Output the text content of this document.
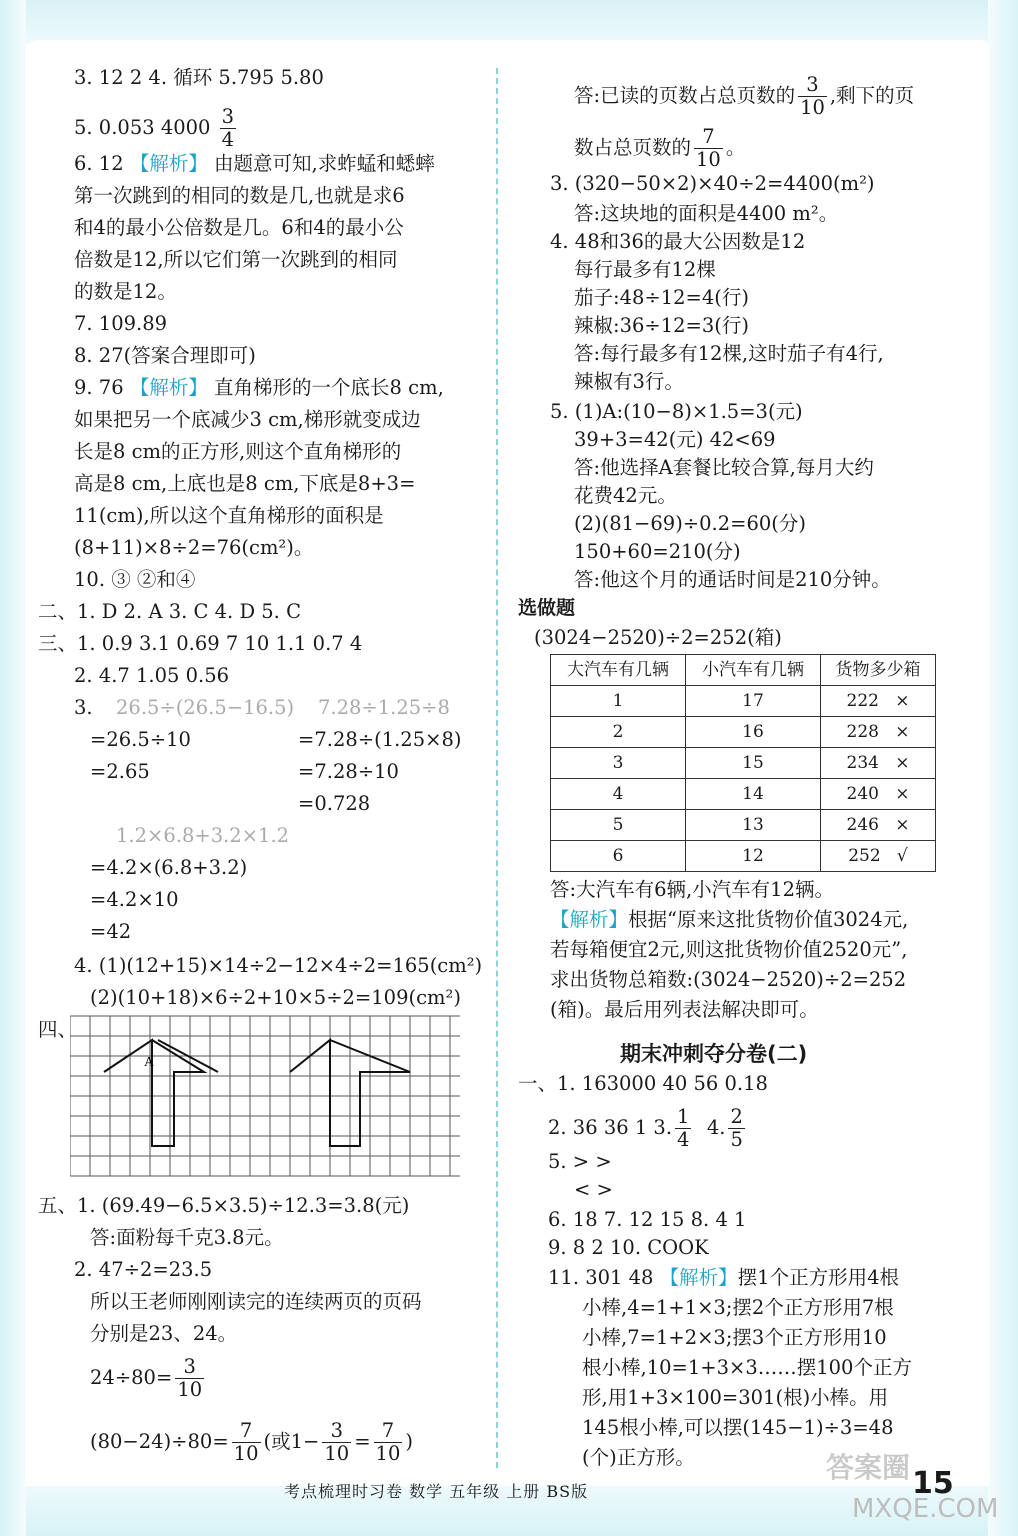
3. 12 2 4. 循环 5.795 5.80
5. 0.053 $4000 \frac{3}{4}$
6. 12 【解析】 由题意可知,求蚱蜢和蟋蟀
第一次跳到的相同的数是几,也就是求6
和4的最小公倍数是几。6和4的最小公
倍数是12,所以它们第一次跳到的相同
的数是12。
7. 109.89
8. 27(答案合理即可)
9. 76 【解析】 直角梯形的一个底长8 cm,
如果把另一个底减少3 cm,梯形就变成边
长是8 cm的正方形,则这个直角梯形的
高是8 cm,上底也是8 cm,下底是8+3=
11(cm),所以这个直角梯形的面积是
(8+11)×8÷2=76(cm²)。
10. ③ ②和④
二、1. D 2. A 3. C 4. D 5. C
三、1. 0.9 3.1 0.69 7 10 1.1 0.7 4
2. 4.7 1.05 0.56
3. 26.5÷(26.5−16.5) 7.28÷1.25÷8
=26.5÷10	=7.28÷(1.25×8)
=2.65	=7.28÷10
=0.728
1.2×6.8+3.2×1.2
=4.2×(6.8+3.2)
=4.2×10
=42
4. (1)(12+15)×14÷2−12×4÷2=165(cm²)
(2)(10+18)×6÷2+10×5÷2=109(cm²)
四、
A
五、1. (69.49−6.5×3.5)÷12.3=3.8(元)
答:面粉每千克3.8元。
2. 47÷2=23.5
所以王老师刚刚读完的连续两页的页码
分别是23、24。
$24\div 80= \frac{3}{10}$
$(80-24)\div 80= \frac{7}{10}$ (或$1- \frac{3}{10} = \frac{7}{10}$ )
答:已读的页数占总页数的 $\frac{3}{10}$ ,剩下的页
数占总页数的 $\frac{7}{10}$ 。
3. (320−50×2)×40÷2=4400(m²)
答:这块地的面积是4400 m²。
4. 48和36的最大公因数是12
每行最多有12棵
茄子:48÷12=4(行)
辣椒:36÷12=3(行)
答:每行最多有12棵,这时茄子有4行,
辣椒有3行。
5. (1)A:(10−8)×1.5=3(元)
39+3=42(元) 42<69
答:他选择A套餐比较合算,每月大约
花费42元。
(2)(81−69)÷0.2=60(分)
150+60=210(分)
答:他这个月的通话时间是210分钟。
选做题
(3024−2520)÷2=252(箱)
大汽车有几辆	小汽车有几辆	货物多少箱
1	17	222 ×
2	16	228 ×
3	15	234 ×
4	14	240 ×
5	13	246 ×
6	12	252 √
答:大汽车有6辆,小汽车有12辆。
【解析】根据“原来这批货物价值3024元,
若每箱便宜2元,则这批货物价值2520元”,
求出货物总箱数:(3024−2520)÷2=252
(箱)。最后用列表法解决即可。
期末冲刺夺分卷(二)
一、1. 163000 40 56 0.18
2. 36 36 1 3. $\frac{1}{4} 4$. $\frac{2}{5}$
5. > >
< >
6. 18 7. 12 15 8. 4 1
9. 8 2 10. COOK
11. 301 48 【解析】摆1个正方形用4根
小棒,4=1+1×3;摆2个正方形用7根
小棒,7=1+2×3;摆3个正方形用10
根小棒,10=1+3×3……摆100个正方
形,用1+3×100=301(根)小棒。用
145根小棒,可以摆(145−1)÷3=48
(个)正方形。	答案圈
MXQE.COM
考点梳理时习卷 数学 五年级 上册 BS版	15
